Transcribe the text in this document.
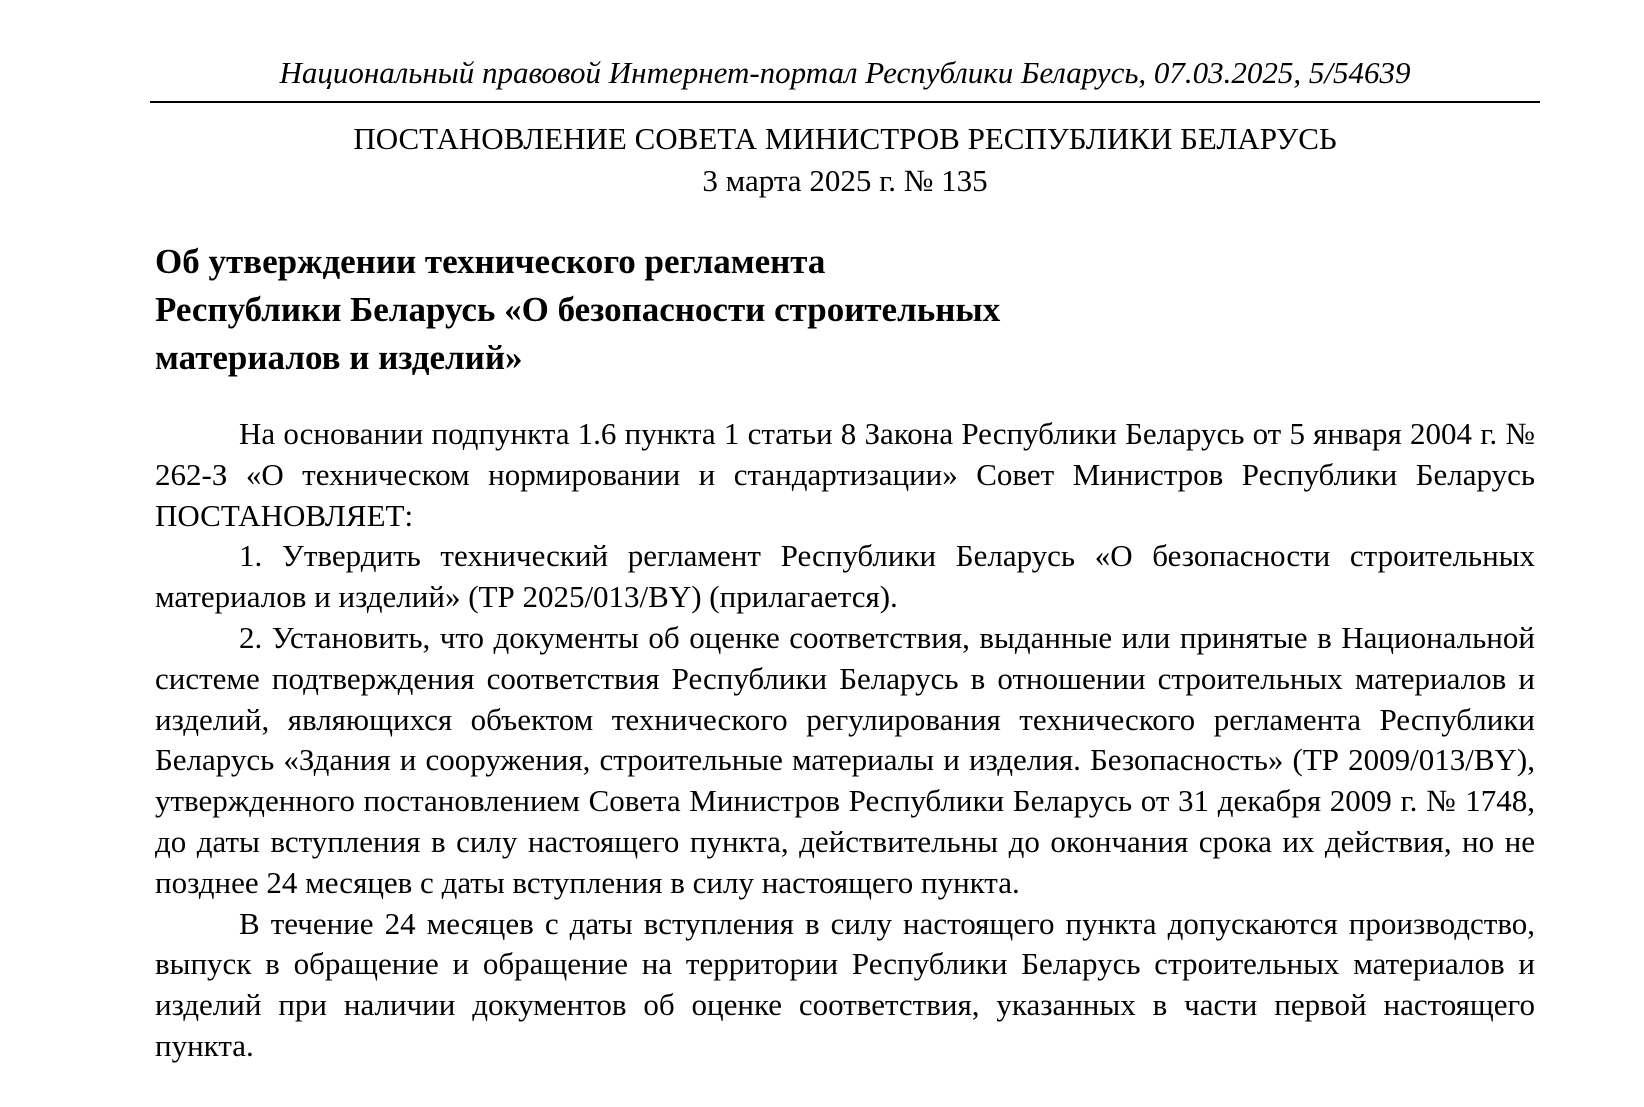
Национальный правовой Интернет-портал Республики Беларусь, 07.03.2025, 5/54639
ПОСТАНОВЛЕНИЕ СОВЕТА МИНИСТРОВ РЕСПУБЛИКИ БЕЛАРУСЬ
3 марта 2025 г. № 135
Об утверждении технического регламента
Республики Беларусь «О безопасности строительных
материалов и изделий»

На основании подпункта 1.6 пункта 1 статьи 8 Закона Республики Беларусь от 5 января 2004 г. № 262-З «О техническом нормировании и стандартизации» Совет Министров Республики Беларусь ПОСТАНОВЛЯЕТ:

1. Утвердить технический регламент Республики Беларусь «О безопасности строительных материалов и изделий» (ТР 2025/013/BY) (прилагается).

2. Установить, что документы об оценке соответствия, выданные или принятые в Национальной системе подтверждения соответствия Республики Беларусь в отношении строительных материалов и изделий, являющихся объектом технического регулирования технического регламента Республики Беларусь «Здания и сооружения, строительные материалы и изделия. Безопасность» (ТР 2009/013/BY), утвержденного постановлением Совета Министров Республики Беларусь от 31 декабря 2009 г. № 1748, до даты вступления в силу настоящего пункта, действительны до окончания срока их действия, но не позднее 24 месяцев с даты вступления в силу настоящего пункта.

В течение 24 месяцев с даты вступления в силу настоящего пункта допускаются производство, выпуск в обращение и обращение на территории Республики Беларусь строительных материалов и изделий при наличии документов об оценке соответствия, указанных в части первой настоящего пункта.
